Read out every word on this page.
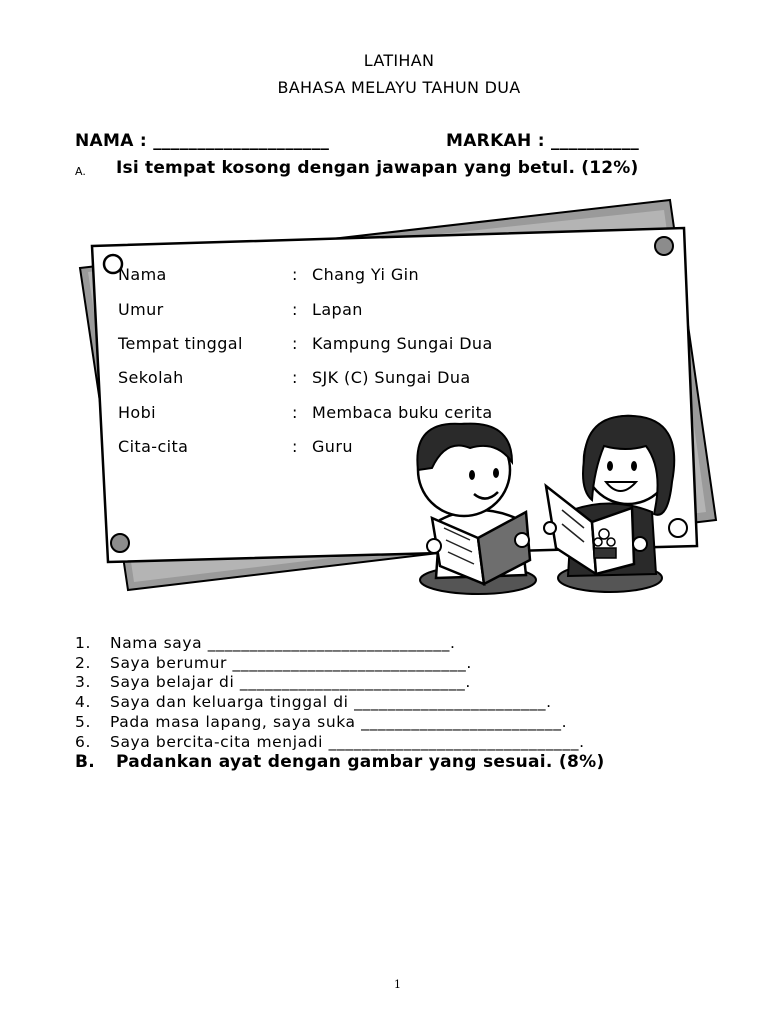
LATIHAN
BAHASA MELAYU TAHUN DUA
NAMA : ____________________	MARKAH : __________
A. Isi tempat kosong dengan jawapan yang betul. (12%)
Nama	: Chang Yi Gin
Umur	: Lapan
Tempat tinggal	: Kampung Sungai Dua
Sekolah	: SJK (C) Sungai Dua
Hobi	: Membaca buku cerita
Cita-cita	: Guru
1. Nama saya _____________________________.
2. Saya berumur ____________________________.
3. Saya belajar di ___________________________.
4. Saya dan keluarga tinggal di _______________________.
5. Pada masa lapang, saya suka ________________________.
6. Saya bercita-cita menjadi ______________________________.
B. Padankan ayat dengan gambar yang sesuai. (8%)
1
